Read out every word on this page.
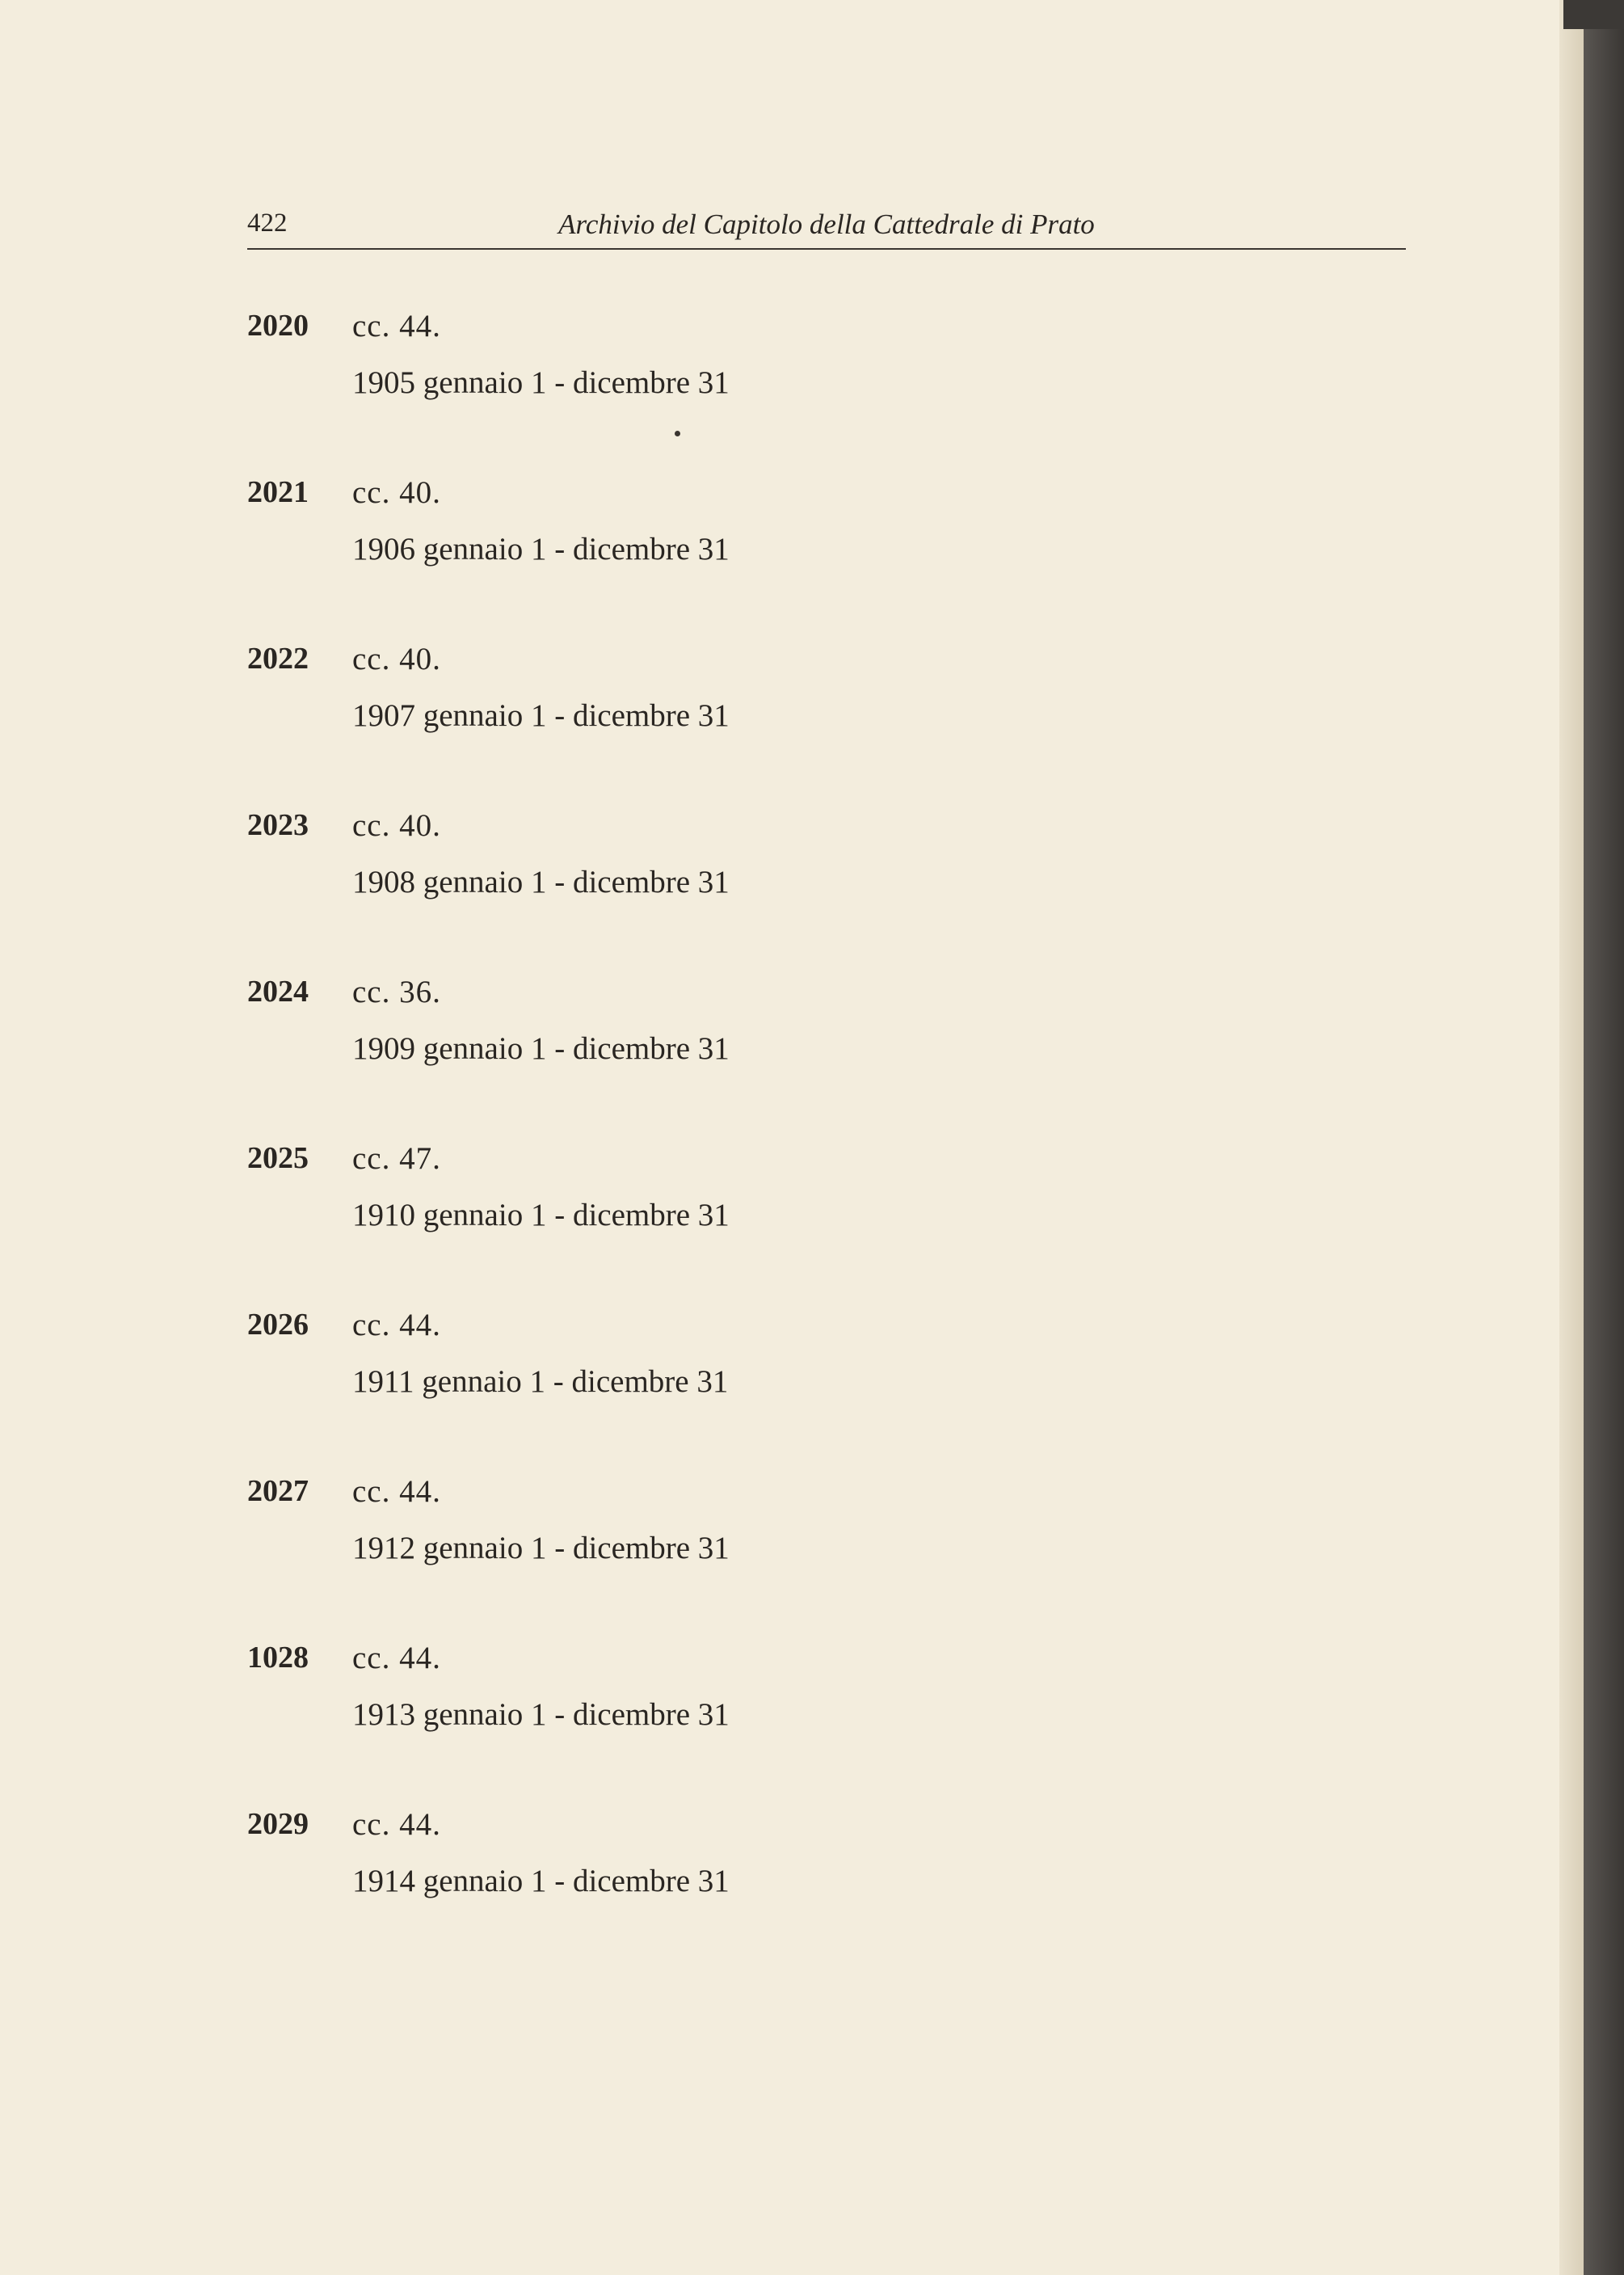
422	Archivio del Capitolo della Cattedrale di Prato
2020 cc. 44.
1905 gennaio 1 - dicembre 31
2021 cc. 40.
1906 gennaio 1 - dicembre 31
2022 cc. 40.
1907 gennaio 1 - dicembre 31
2023 cc. 40.
1908 gennaio 1 - dicembre 31
2024 cc. 36.
1909 gennaio 1 - dicembre 31
2025 cc. 47.
1910 gennaio 1 - dicembre 31
2026 cc. 44.
1911 gennaio 1 - dicembre 31
2027 cc. 44.
1912 gennaio 1 - dicembre 31
1028 cc. 44.
1913 gennaio 1 - dicembre 31
2029 cc. 44.
1914 gennaio 1 - dicembre 31
